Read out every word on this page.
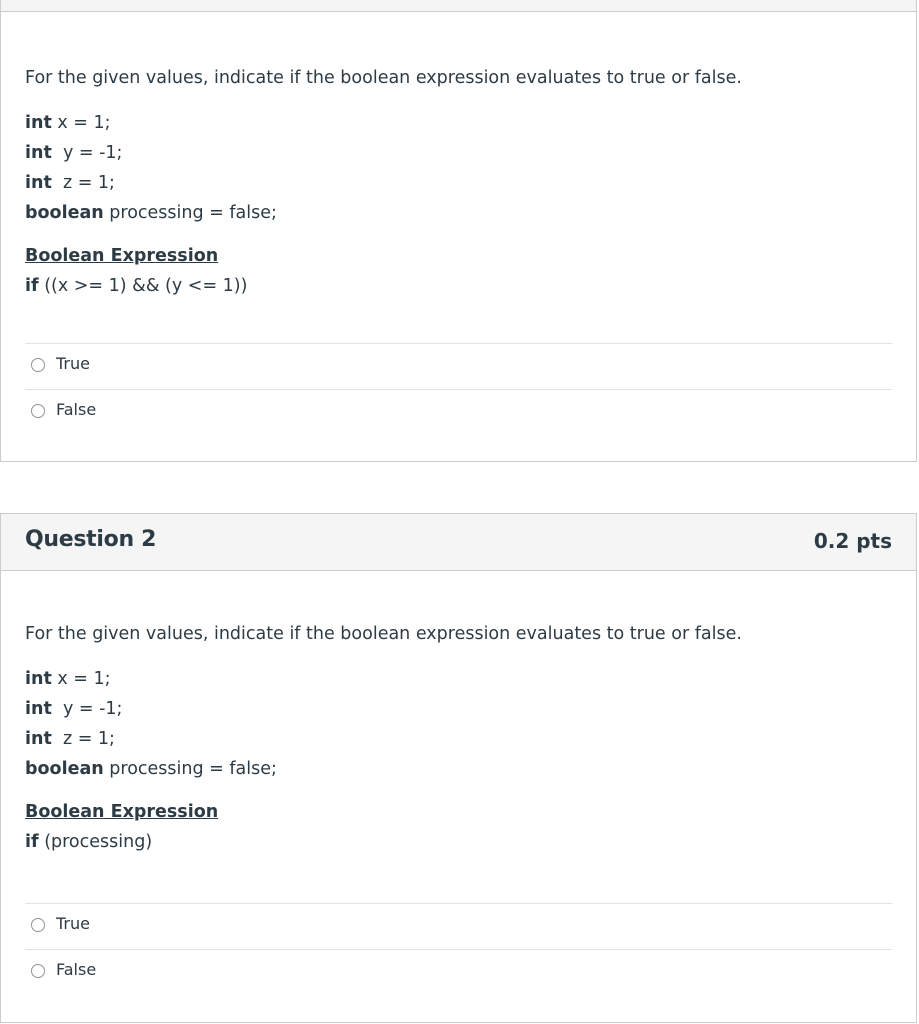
For the given values, indicate if the boolean expression evaluates to true or false.

int x = 1;

int  y = -1;

int  z = 1;

boolean processing = false;

Boolean Expression

if ((x >= 1) && (y <= 1))

True
False
Question 2	0.2 pts

For the given values, indicate if the boolean expression evaluates to true or false.

int x = 1;

int  y = -1;

int  z = 1;

boolean processing = false;

Boolean Expression

if (processing)

True
False
